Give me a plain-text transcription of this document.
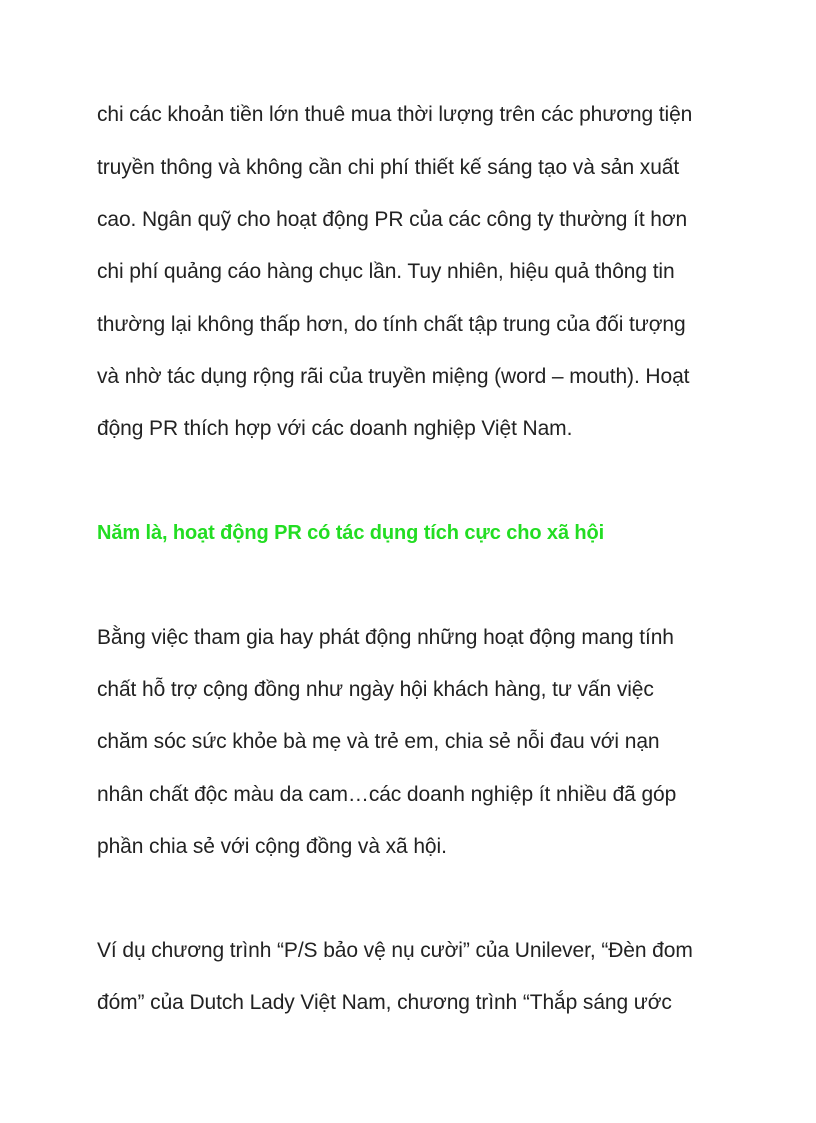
chi các khoản tiền lớn thuê mua thời lượng trên các phương tiện
truyền thông và không cần chi phí thiết kế sáng tạo và sản xuất
cao. Ngân quỹ cho hoạt động PR của các công ty thường ít hơn
chi phí quảng cáo hàng chục lần. Tuy nhiên, hiệu quả thông tin
thường lại không thấp hơn, do tính chất tập trung của đối tượng
và nhờ tác dụng rộng rãi của truyền miệng (word – mouth). Hoạt
động PR thích hợp với các doanh nghiệp Việt Nam.
Năm là, hoạt động PR có tác dụng tích cực cho xã hội
Bằng việc tham gia hay phát động những hoạt động mang tính
chất hỗ trợ cộng đồng như ngày hội khách hàng, tư vấn việc
chăm sóc sức khỏe bà mẹ và trẻ em, chia sẻ nỗi đau với nạn
nhân chất độc màu da cam…các doanh nghiệp ít nhiều đã góp
phần chia sẻ với cộng đồng và xã hội.
Ví dụ chương trình “P/S bảo vệ nụ cười” của Unilever, “Đèn đom
đóm” của Dutch Lady Việt Nam, chương trình “Thắp sáng ước
